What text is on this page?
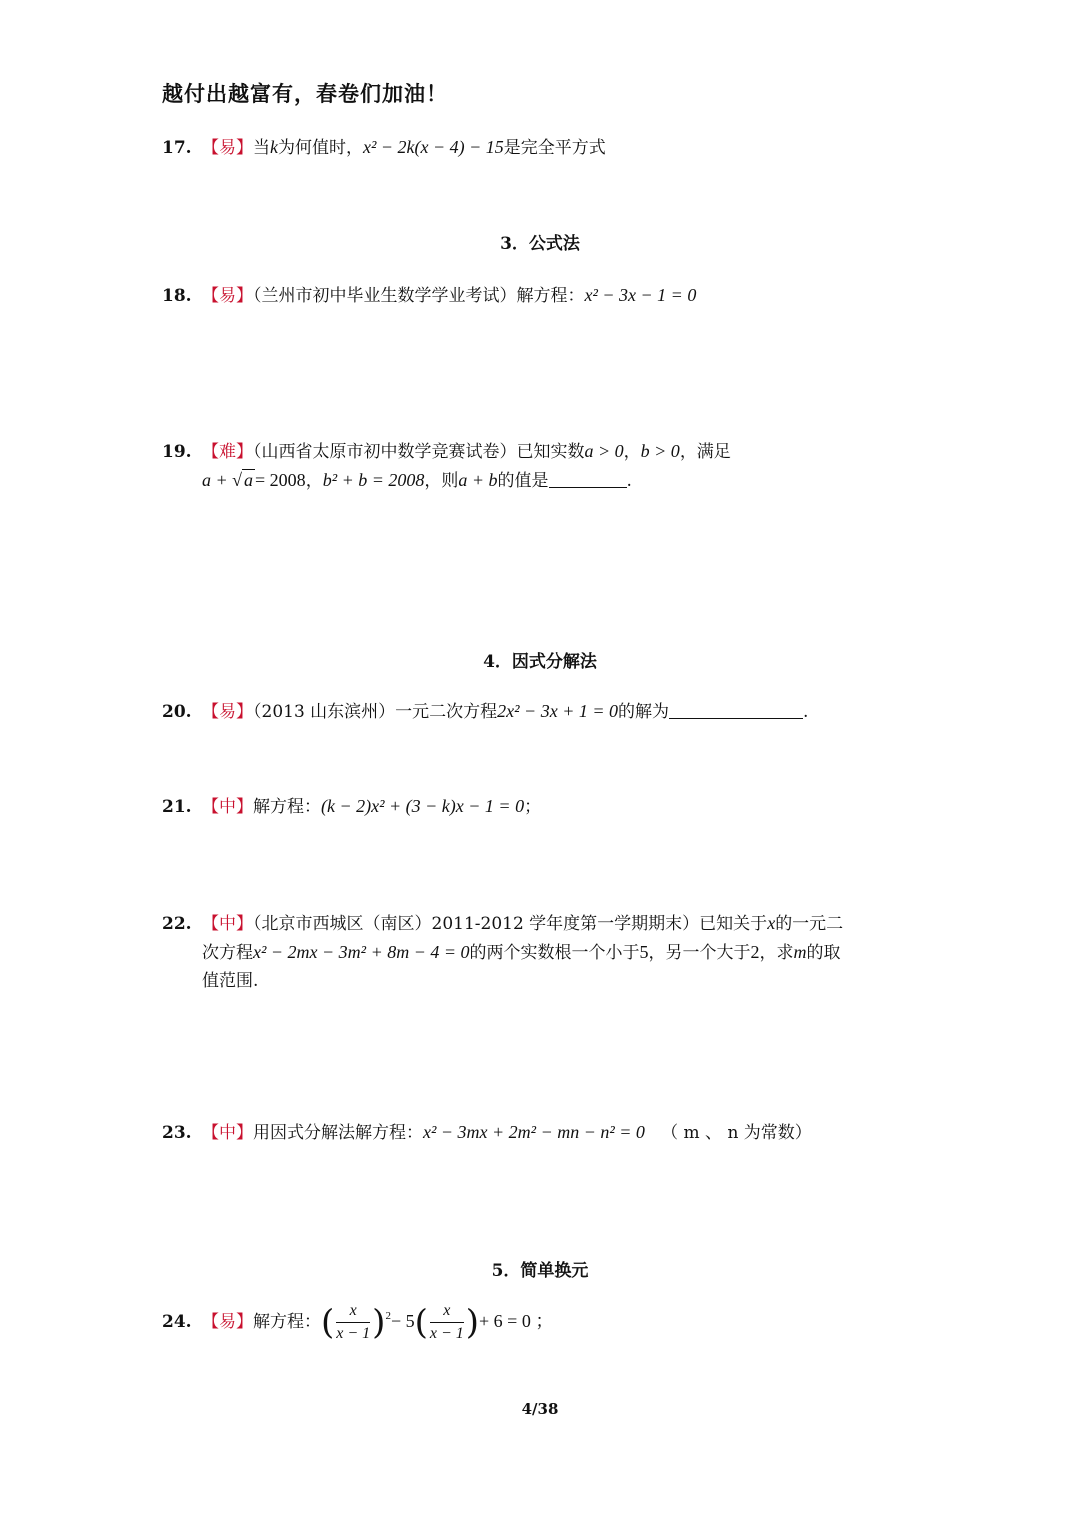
越付出越富有，春卷们加油！
17. 【易】当k为何值时，x² − 2k(x − 4) − 15是完全平方式
3．公式法
18. 【易】（兰州市初中毕业生数学学业考试）解方程：x² − 3x − 1 = 0
19. 【难】（山西省太原市初中数学竞赛试卷）已知实数a > 0，b > 0，满足
a + √ a = 2008，b² + b = 2008，则a + b的值是	.
4．因式分解法
20. 【易】（2013 山东滨州）一元二次方程2x² − 3x + 1 = 0的解为	.
21. 【中】解方程：(k − 2)x² + (3 − k)x − 1 = 0；
22. 【中】（北京市西城区（南区）2011-2012 学年度第一学期期末）已知关于x的一元二
次方程x² − 2mx − 3m² + 8m − 4 = 0的两个实数根一个小于5，另一个大于2，求m的取
值范围.
23. 【中】用因式分解法解方程：x² − 3mx + 2m² − mn − n² = 0 （ m 、 n 为常数）
5．简单换元
24. 【易】解方程：( $\frac{x}{x - 1} )^2- 5( \frac{x}{x - 1}$ )+ 6 = 0 ；
4/38
